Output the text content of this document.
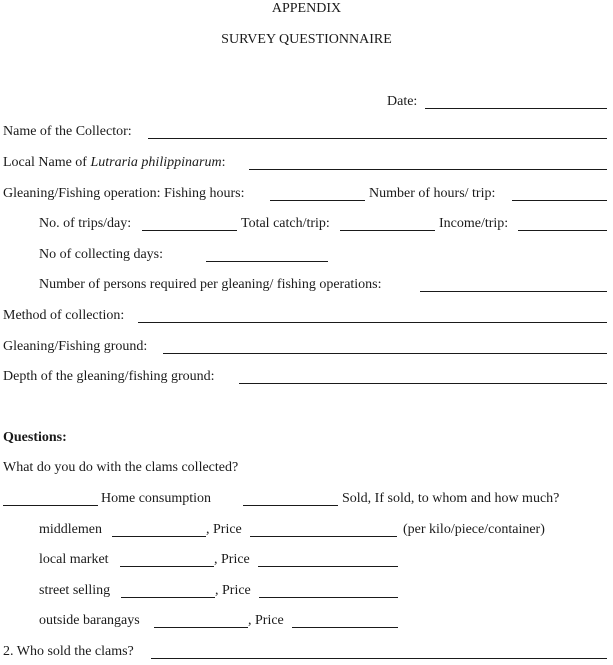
APPENDIX
SURVEY QUESTIONNAIRE
Date:
Name of the Collector:
Local Name of Lutraria philippinarum:
Gleaning/Fishing operation: Fishing hours:	Number of hours/ trip:
No. of trips/day:	Total catch/trip:	Income/trip:
No of collecting days:
Number of persons required per gleaning/ fishing operations:
Method of collection:
Gleaning/Fishing ground:
Depth of the gleaning/fishing ground:
Questions:
What do you do with the clams collected?
Home consumption	Sold, If sold, to whom and how much?
middlemen	, Price	(per kilo/piece/container)
local market	, Price
street selling	, Price
outside barangays	, Price
2. Who sold the clams?
